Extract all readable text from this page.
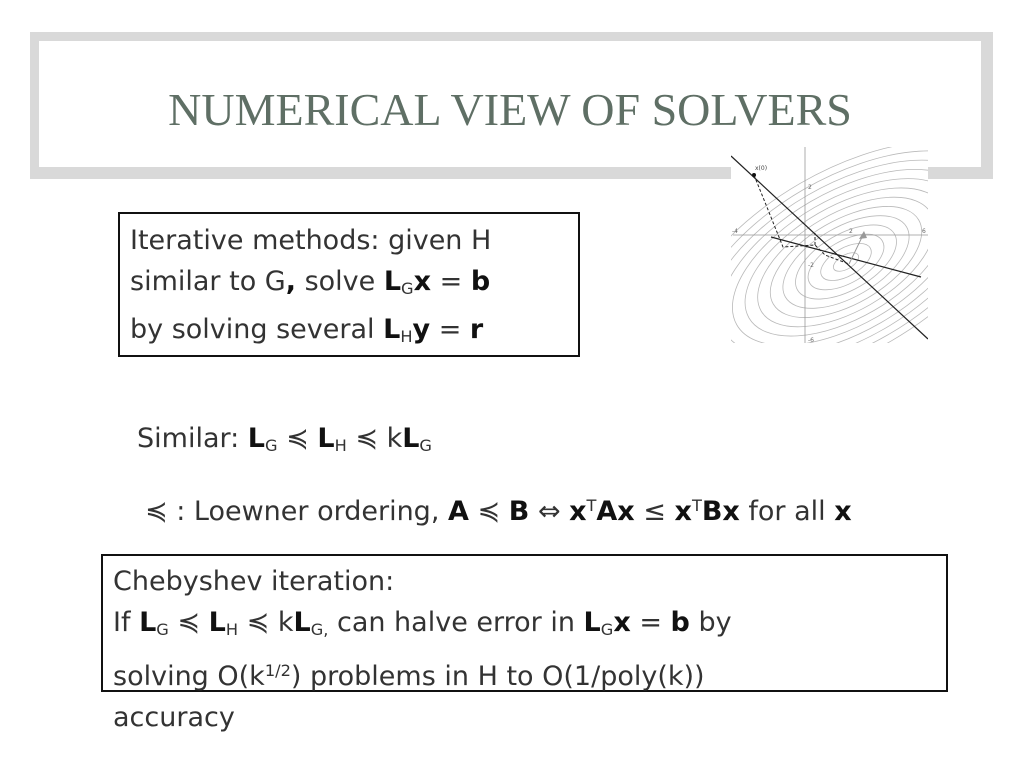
NUMERICAL VIEW OF SOLVERS
-4	2	6
2
-2
-6
x(0)
Iterative methods: given H
similar to G, solve $L_Gx = b$
by solving several $L_Hy = r$
Similar: $L_G$ ≼ $L_H$ ≼ $kL_G$
≼ : Loewner ordering, A ≼ B ⇔ $x^TAx \le x^TBx$ for all x
Chebyshev iteration:
If $L_G$ ≼ $L_H$ ≼ $kL_{G,}$ can halve error in $L_Gx = b$ by
solving $O(k^{1/2})$ problems in H to O(1/poly(k))
accuracy
